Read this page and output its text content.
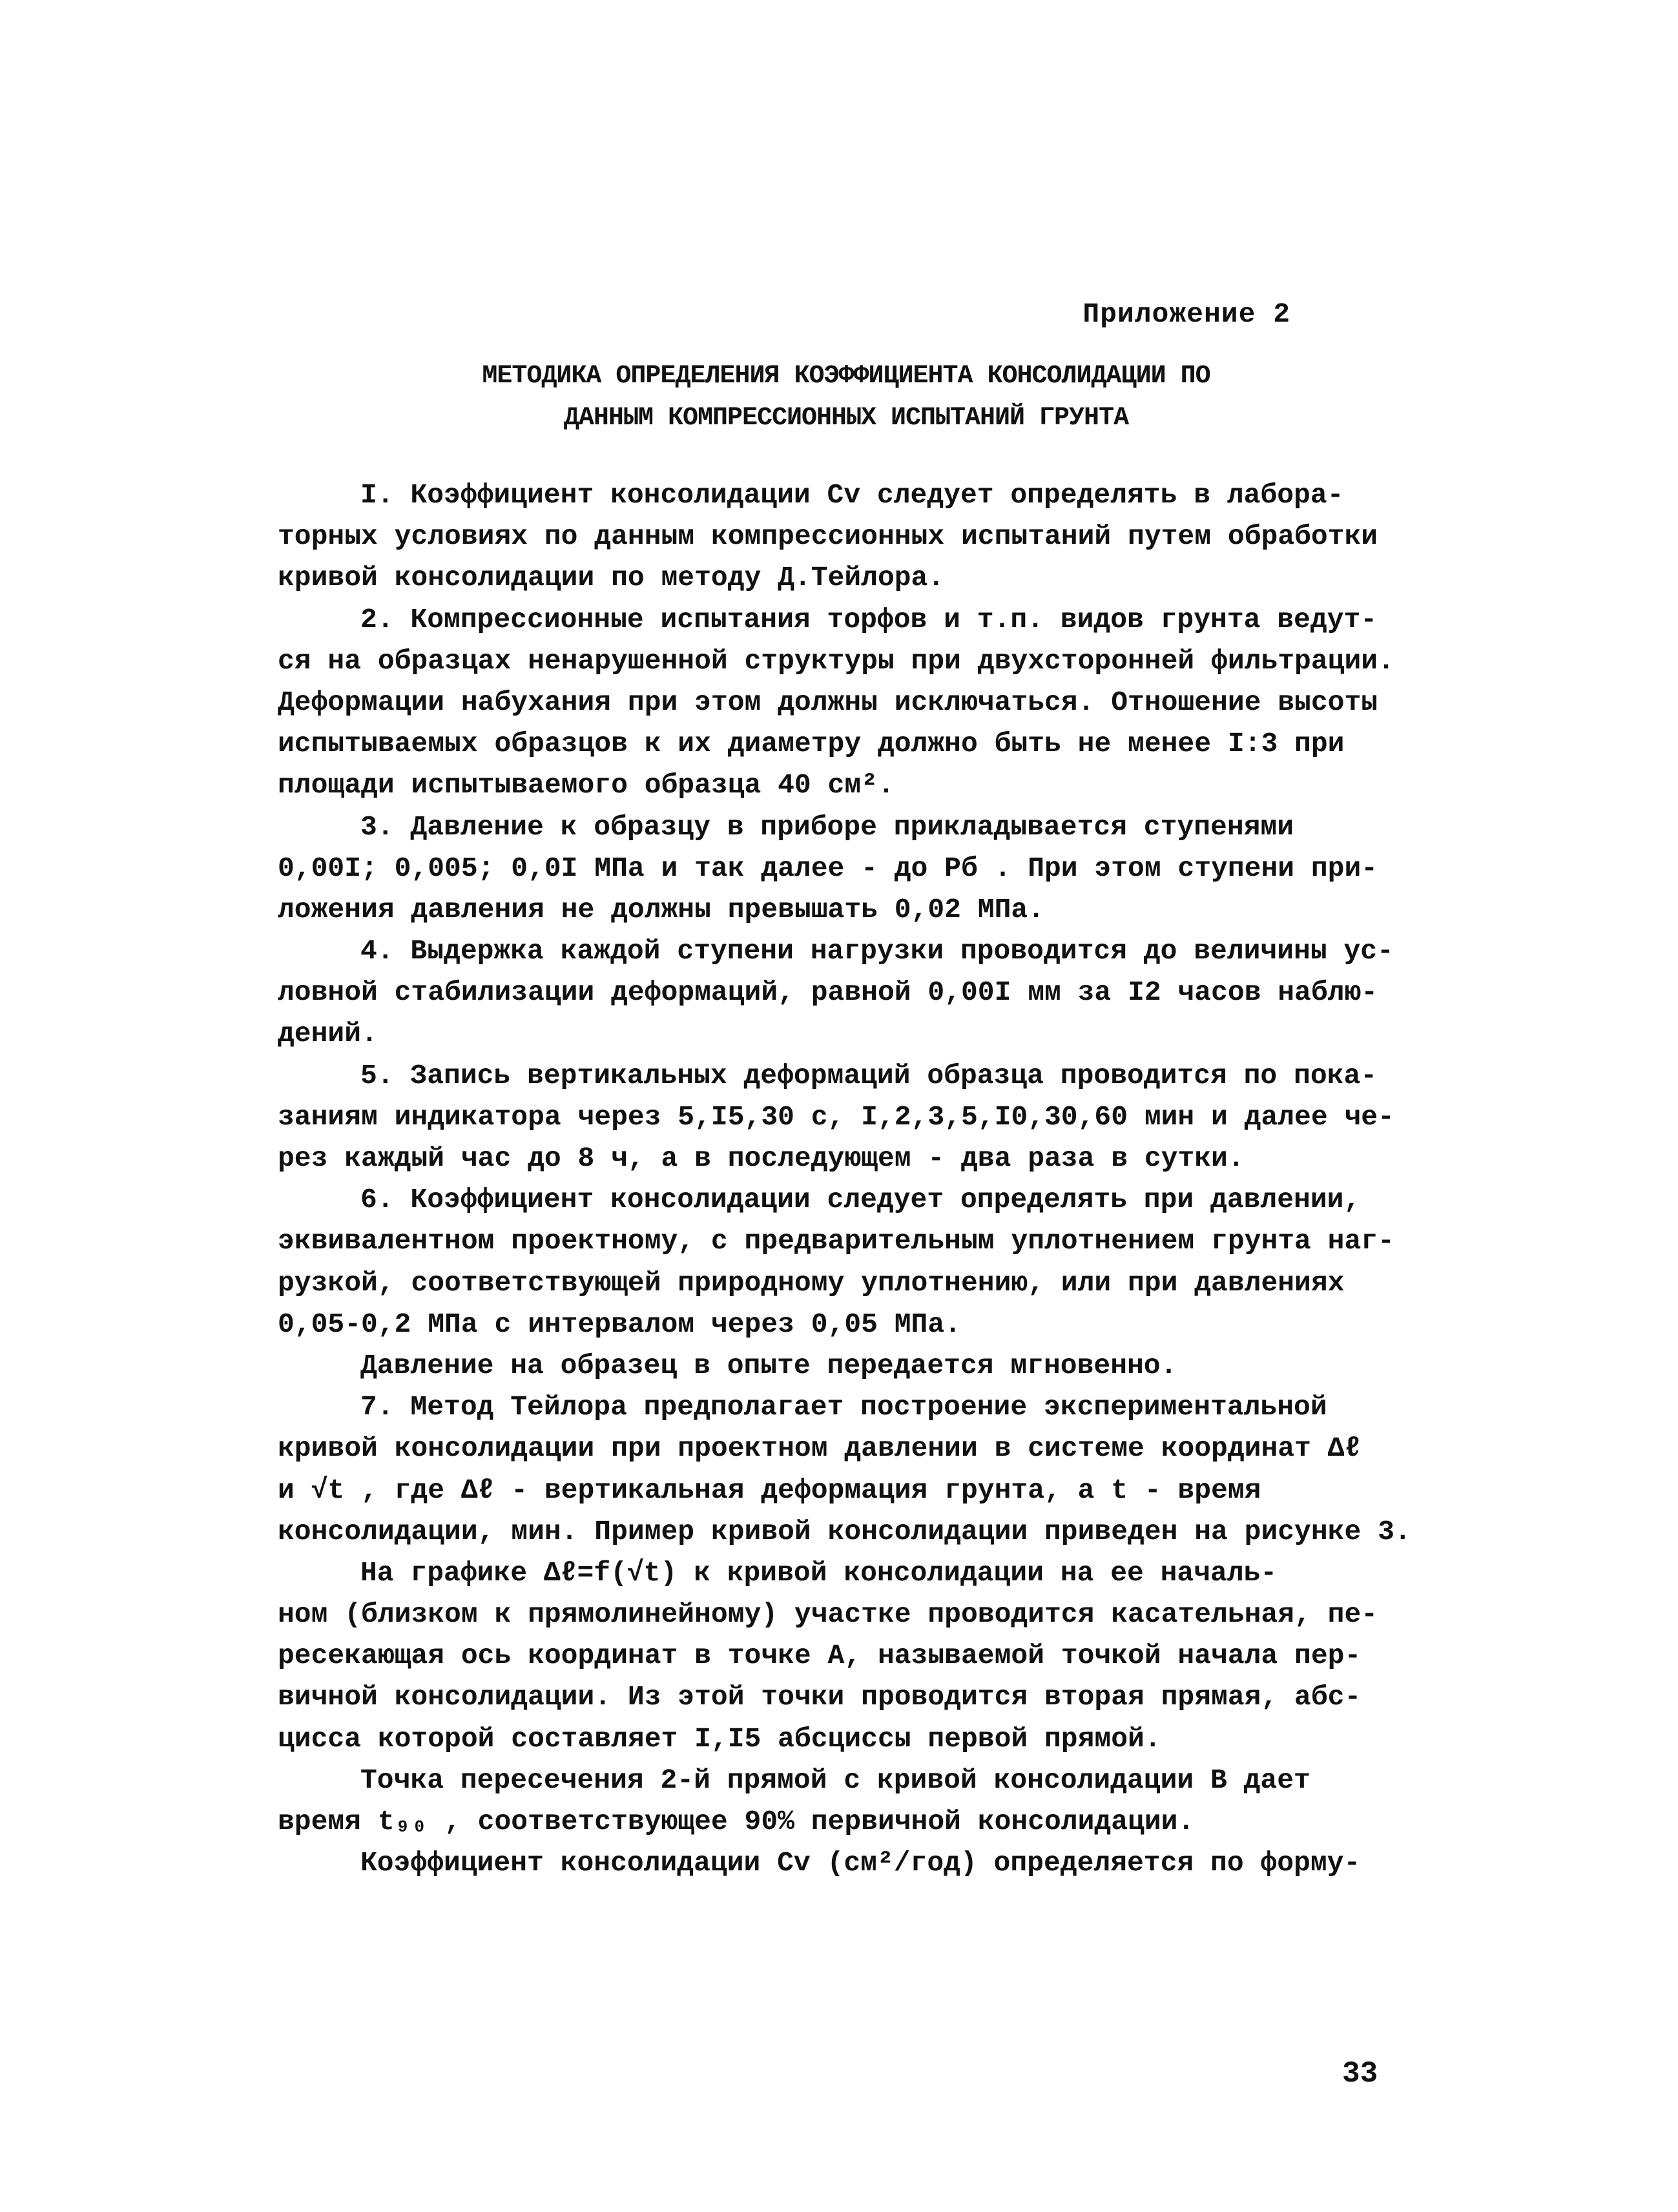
Приложение 2
МЕТОДИКА ОПРЕДЕЛЕНИЯ КОЭФФИЦИЕНТА КОНСОЛИДАЦИИ ПО
ДАННЫМ КОМПРЕССИОННЫХ ИСПЫТАНИЙ ГРУНТА
I. Коэффициент консолидации Cv следует определять в лабора-
торных условиях по данным компрессионных испытаний путем обработки
кривой консолидации по методу Д.Тейлора.
2. Компрессионные испытания торфов и т.п. видов грунта ведут-
ся на образцах ненарушенной структуры при двухсторонней фильтрации.
Деформации набухания при этом должны исключаться. Отношение высоты
испытываемых образцов к их диаметру должно быть не менее I:3 при
площади испытываемого образца 40 см².
3. Давление к образцу в приборе прикладывается ступенями
0,00I; 0,005; 0,0I МПа и так далее - до Pб . При этом ступени при-
ложения давления не должны превышать 0,02 МПа.
4. Выдержка каждой ступени нагрузки проводится до величины ус-
ловной стабилизации деформаций, равной 0,00I мм за I2 часов наблю-
дений.
5. Запись вертикальных деформаций образца проводится по пока-
заниям индикатора через 5,I5,30 с, I,2,3,5,I0,30,60 мин и далее че-
рез каждый час до 8 ч, а в последующем - два раза в сутки.
6. Коэффициент консолидации следует определять при давлении,
эквивалентном проектному, с предварительным уплотнением грунта наг-
рузкой, соответствующей природному уплотнению, или при давлениях
0,05-0,2 МПа с интервалом через 0,05 МПа.
Давление на образец в опыте передается мгновенно.
7. Метод Тейлора предполагает построение экспериментальной
кривой консолидации при проектном давлении в системе координат Δℓ
и √t , где Δℓ - вертикальная деформация грунта, а t - время
консолидации, мин. Пример кривой консолидации приведен на рисунке 3.
На графике Δℓ=f(√t) к кривой консолидации на ее началь-
ном (близком к прямолинейному) участке проводится касательная, пе-
ресекающая ось координат в точке А, называемой точкой начала пер-
вичной консолидации. Из этой точки проводится вторая прямая, абс-
цисса которой составляет I,I5 абсциссы первой прямой.
Точка пересечения 2-й прямой с кривой консолидации B дает
время t₉₀ , соответствующее 90% первичной консолидации.
Коэффициент консолидации Cv (см²/год) определяется по форму-
33
